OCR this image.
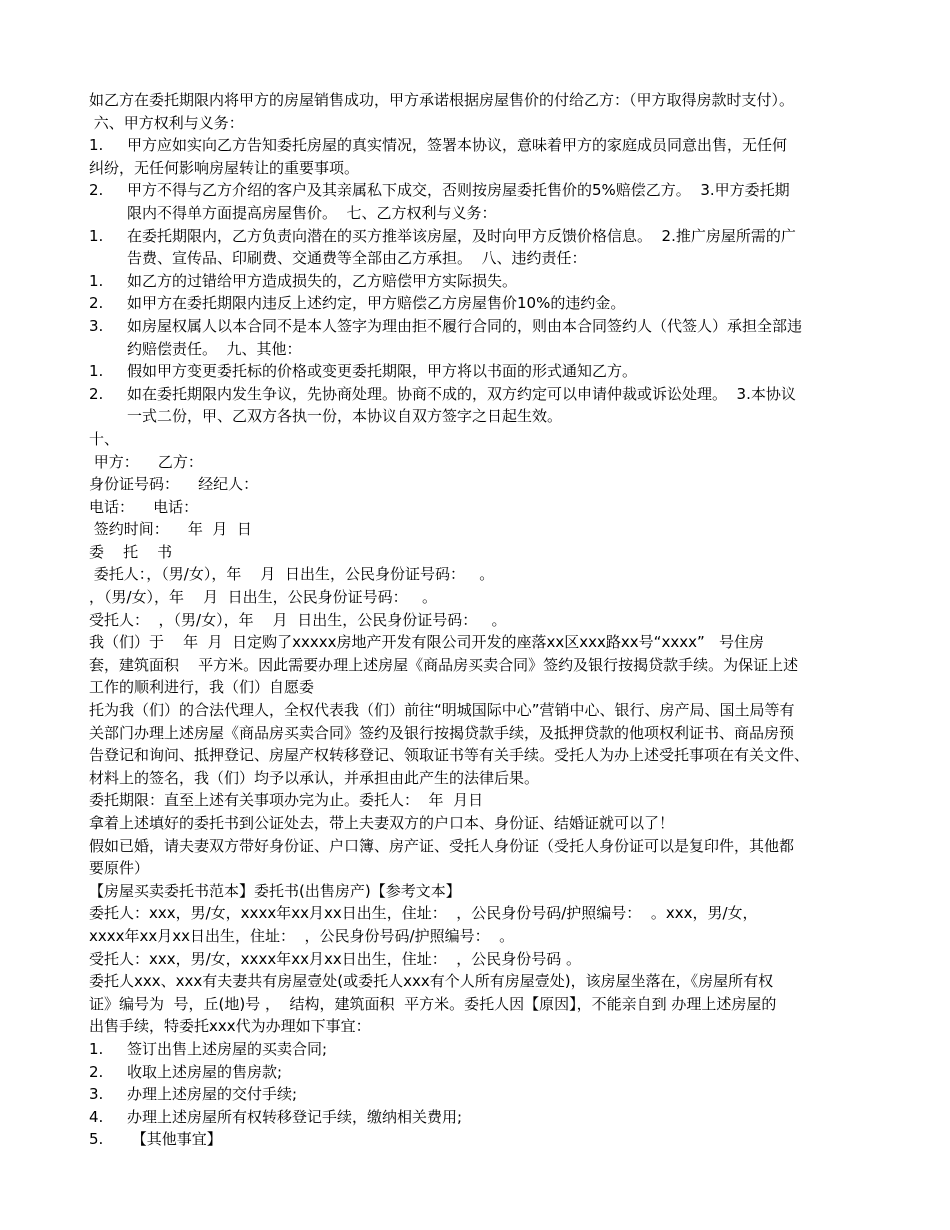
如乙方在委托期限内将甲方的房屋销售成功，甲方承诺根据房屋售价的付给乙方：（甲方取得房款时支付）。
六、甲方权利与义务：
1.	甲方应如实向乙方告知委托房屋的真实情况，签署本协议，意味着甲方的家庭成员同意出售，无任何
纠纷，无任何影响房屋转让的重要事项。
2.	甲方不得与乙方介绍的客户及其亲属私下成交，否则按房屋委托售价的5%赔偿乙方。  3.甲方委托期
限内不得单方面提高房屋售价。  七、乙方权利与义务：
1.	在委托期限内，乙方负责向潜在的买方推举该房屋，及时向甲方反馈价格信息。  2.推广房屋所需的广
告费、宣传品、印刷费、交通费等全部由乙方承担。  八、违约责任：
1.	如乙方的过错给甲方造成损失的，乙方赔偿甲方实际损失。
2.	如甲方在委托期限内违反上述约定，甲方赔偿乙方房屋售价10%的违约金。
3.	如房屋权属人以本合同不是本人签字为理由拒不履行合同的，则由本合同签约人（代签人）承担全部违
约赔偿责任。  九、其他：
1.	假如甲方变更委托标的价格或变更委托期限，甲方将以书面的形式通知乙方。
2.	如在委托期限内发生争议，先协商处理。协商不成的，双方约定可以申请仲裁或诉讼处理。  3.本协议
一式二份，甲、乙双方各执一份，本协议自双方签字之日起生效。
十、
甲方：    乙方：
身份证号码：    经纪人：
电话：    电话：
签约时间：    年  月  日
委    托    书
委托人：，（男/女），年    月  日出生，公民身份证号码：   。
，（男/女），年    月  日出生，公民身份证号码：   。
受托人：  ，（男/女），年    月  日出生，公民身份证号码：   。
我（们）于    年  月  日定购了xxxxx房地产开发有限公司开发的座落xx区xxx路xx号“xxxx”   号住房
套，建筑面积    平方米。因此需要办理上述房屋《商品房买卖合同》签约及银行按揭贷款手续。为保证上述
工作的顺利进行，我（们）自愿委
托为我（们）的合法代理人，全权代表我（们）前往“明城国际中心”营销中心、银行、房产局、国土局等有
关部门办理上述房屋《商品房买卖合同》签约及银行按揭贷款手续，及抵押贷款的他项权利证书、商品房预
告登记和询问、抵押登记、房屋产权转移登记、领取证书等有关手续。受托人为办上述受托事项在有关文件、
材料上的签名，我（们）均予以承认，并承担由此产生的法律后果。
委托期限：直至上述有关事项办完为止。委托人：  年  月日
拿着上述填好的委托书到公证处去，带上夫妻双方的户口本、身份证、结婚证就可以了！
假如已婚，请夫妻双方带好身份证、户口簿、房产证、受托人身份证（受托人身份证可以是复印件，其他都
要原件）
【房屋买卖委托书范本】委托书(出售房产)【参考文本】
委托人：xxx，男/女，xxxx年xx月xx日出生，住址：  ，公民身份号码/护照编号：  。xxx，男/女，
xxxx年xx月xx日出生，住址：  ，公民身份号码/护照编号：  。
受托人：xxx，男/女，xxxx年xx月xx日出生，住址：  ，公民身份号码 。
委托人xxx、xxx有夫妻共有房屋壹处(或委托人xxx有个人所有房屋壹处)，该房屋坐落在，《房屋所有权
证》编号为  号，丘(地)号 ，  结构，建筑面积  平方米。委托人因【原因】，不能亲自到 办理上述房屋的
出售手续，特委托xxx代为办理如下事宜：
1.	签订出售上述房屋的买卖合同;
2.	收取上述房屋的售房款;
3.	办理上述房屋的交付手续;
4.	办理上述房屋所有权转移登记手续，缴纳相关费用;
5.	【其他事宜】
